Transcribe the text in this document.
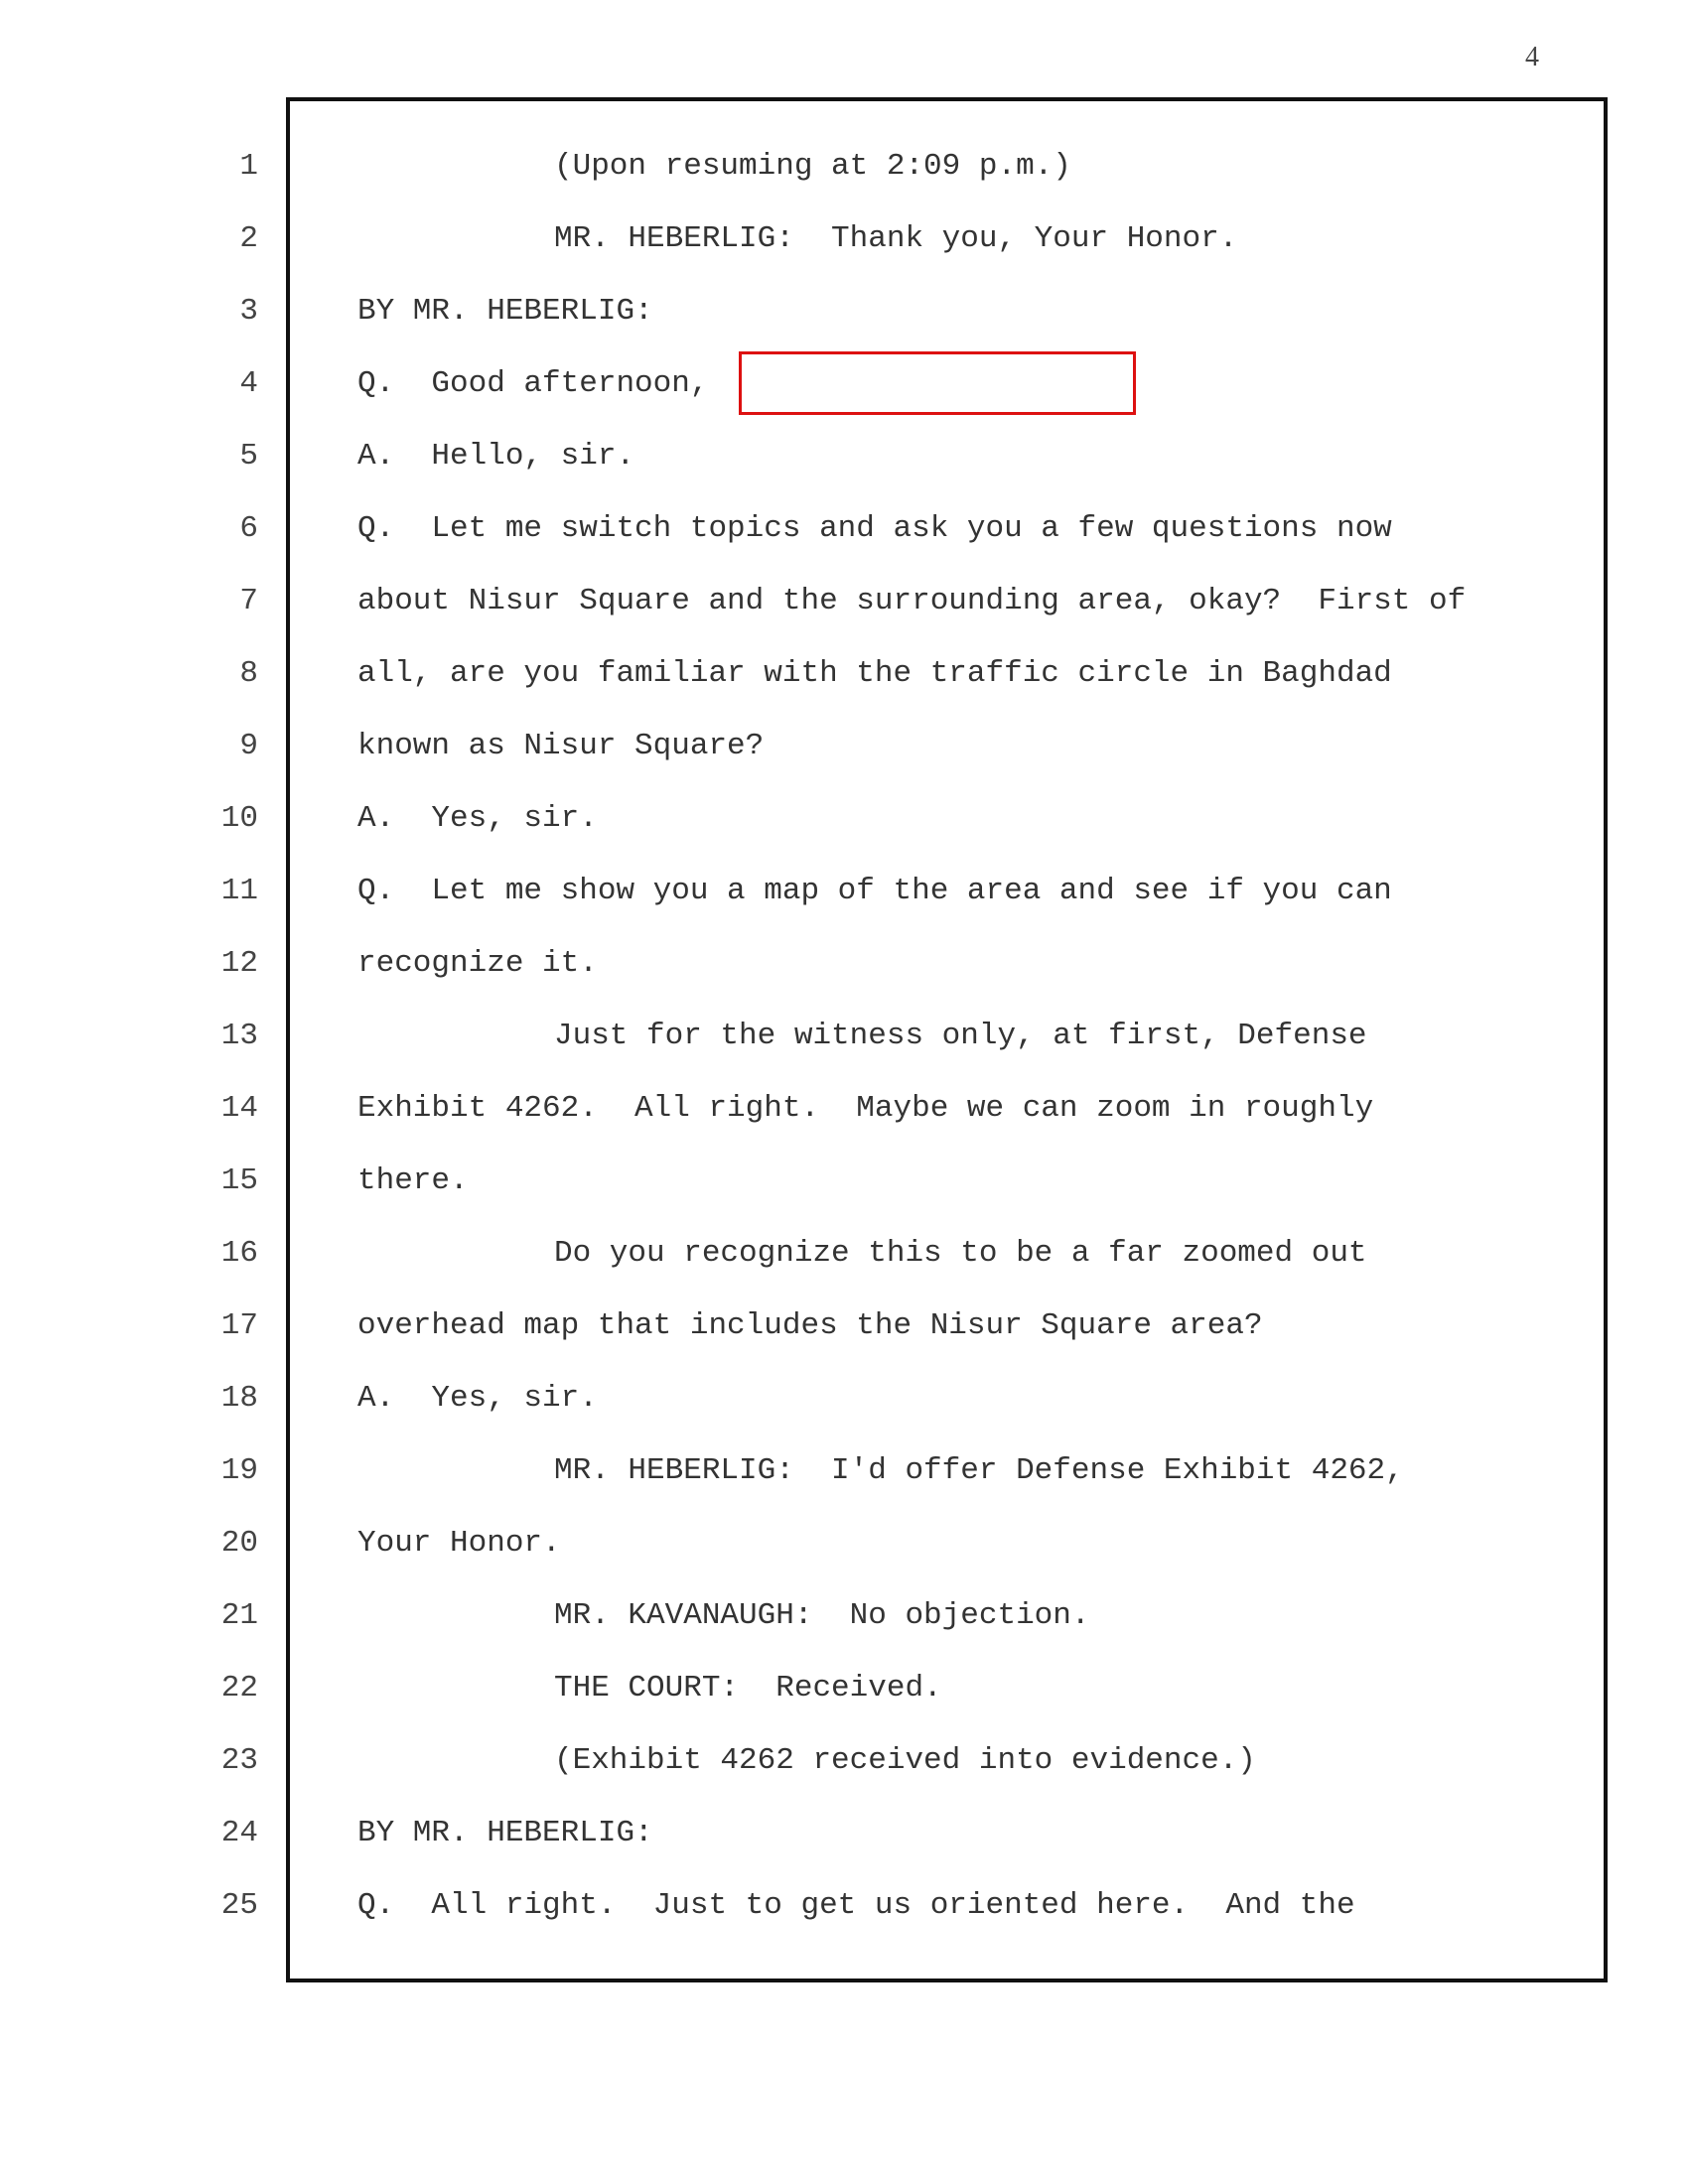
4
1	(Upon resuming at 2:09 p.m.)
2	MR. HEBERLIG:  Thank you, Your Honor.
3	BY MR. HEBERLIG:
4	Q.  Good afternoon,
5	A.  Hello, sir.
6	Q.  Let me switch topics and ask you a few questions now
7	about Nisur Square and the surrounding area, okay?  First of
8	all, are you familiar with the traffic circle in Baghdad
9	known as Nisur Square?
10	A.  Yes, sir.
11	Q.  Let me show you a map of the area and see if you can
12	recognize it.
13	Just for the witness only, at first, Defense
14	Exhibit 4262.  All right.  Maybe we can zoom in roughly
15	there.
16	Do you recognize this to be a far zoomed out
17	overhead map that includes the Nisur Square area?
18	A.  Yes, sir.
19	MR. HEBERLIG:  I'd offer Defense Exhibit 4262,
20	Your Honor.
21	MR. KAVANAUGH:  No objection.
22	THE COURT:  Received.
23	(Exhibit 4262 received into evidence.)
24	BY MR. HEBERLIG:
25	Q.  All right.  Just to get us oriented here.  And the
